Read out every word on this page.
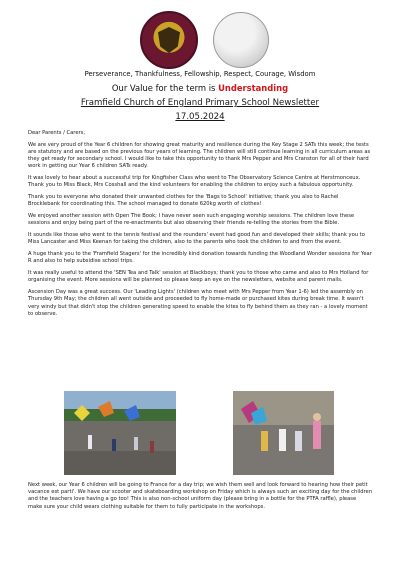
Perseverance, Thankfulness, Fellowship, Respect, Courage, Wisdom
Our Value for the term is Understanding
Framfield Church of England Primary School Newsletter
17.05.2024

Dear Parents / Carers,

We are very proud of the Year 6 children for showing great maturity and resilience during the Key Stage 2 SATs this week; the tests are statutory and are based on the previous four years of learning. The children will still continue learning in all curriculum areas as they get ready for secondary school. I would like to take this opportunity to thank Mrs Pepper and Mrs Cranston for all of their hard work in getting our Year 6 children SATs ready.

It was lovely to hear about a successful trip for Kingfisher Class who went to The Observatory Science Centre at Herstmonceux. Thank you to Miss Black, Mrs Cosshall and the kind volunteers for enabling the children to enjoy such a fabulous opportunity.

Thank you to everyone who donated their unwanted clothes for the 'Bags to School' initiative; thank you also to Rachel Brocklebank for coordinating this. The school managed to donate 620kg worth of clothes!

We enjoyed another session with Open The Book; I have never seen such engaging worship sessions. The children love these sessions and enjoy being part of the re-enactments but also observing their friends re-telling the stories from the Bible.

It sounds like those who went to the tennis festival and the rounders' event had good fun and developed their skills; thank you to Miss Lancaster and Miss Keenan for taking the children, also to the parents who took the children to and from the event.

A huge thank you to the 'Framfield Stagers' for the incredibly kind donation towards funding the Woodland Wonder sessions for Year R and also to help subsidise school trips.

It was really useful to attend the 'SEN Tea and Talk' session at Blackboys; thank you to those who came and also to Mrs Holland for organising the event. More sessions will be planned so please keep an eye on the newsletters, website and parent mails.

Ascension Day was a great success. Our 'Leading Lights' (children who meet with Mrs Pepper from Year 1-6) led the assembly on Thursday 9th May; the children all went outside and proceeded to fly home-made or purchased kites during break time. It wasn't very windy but that didn't stop the children generating speed to enable the kites to fly behind them as they ran - a lovely moment to observe.

Next week, our Year 6 children will be going to France for a day trip; we wish them well and look forward to hearing how their petit vacance est parti'. We have our scooter and skateboarding workshop on Friday which is always such an exciting day for the children and the teachers love having a go too! This is also non-school uniform day (please bring in a bottle for the PTFA raffle), please make sure your child wears clothing suitable for them to fully participate in the workshops.
